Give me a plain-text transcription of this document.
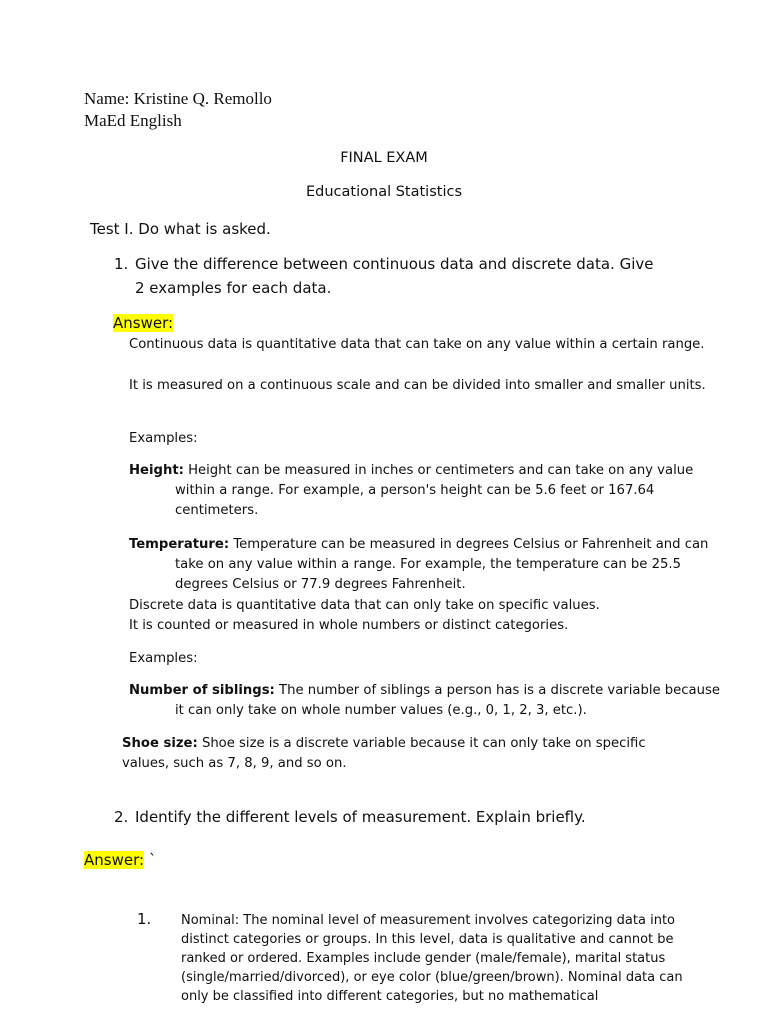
Name: Kristine Q. Remollo
MaEd English
FINAL EXAM
Educational Statistics
Test I. Do what is asked.
1. Give the difference between continuous data and discrete data. Give
2 examples for each data.
Answer:
Continuous data is quantitative data that can take on any value within a certain range.
It is measured on a continuous scale and can be divided into smaller and smaller units.
Examples:
Height: Height can be measured in inches or centimeters and can take on any value within a range. For example, a person's height can be 5.6 feet or 167.64 centimeters.
Temperature: Temperature can be measured in degrees Celsius or Fahrenheit and can take on any value within a range. For example, the temperature can be 25.5 degrees Celsius or 77.9 degrees Fahrenheit.
Discrete data is quantitative data that can only take on specific values.
It is counted or measured in whole numbers or distinct categories.
Examples:
Number of siblings: The number of siblings a person has is a discrete variable because it can only take on whole number values (e.g., 0, 1, 2, 3, etc.).
Shoe size: Shoe size is a discrete variable because it can only take on specific values, such as 7, 8, 9, and so on.
2. Identify the different levels of measurement. Explain briefly.
Answer: `
1. Nominal: The nominal level of measurement involves categorizing data into distinct categories or groups. In this level, data is qualitative and cannot be ranked or ordered. Examples include gender (male/female), marital status (single/married/divorced), or eye color (blue/green/brown). Nominal data can only be classified into different categories, but no mathematical
